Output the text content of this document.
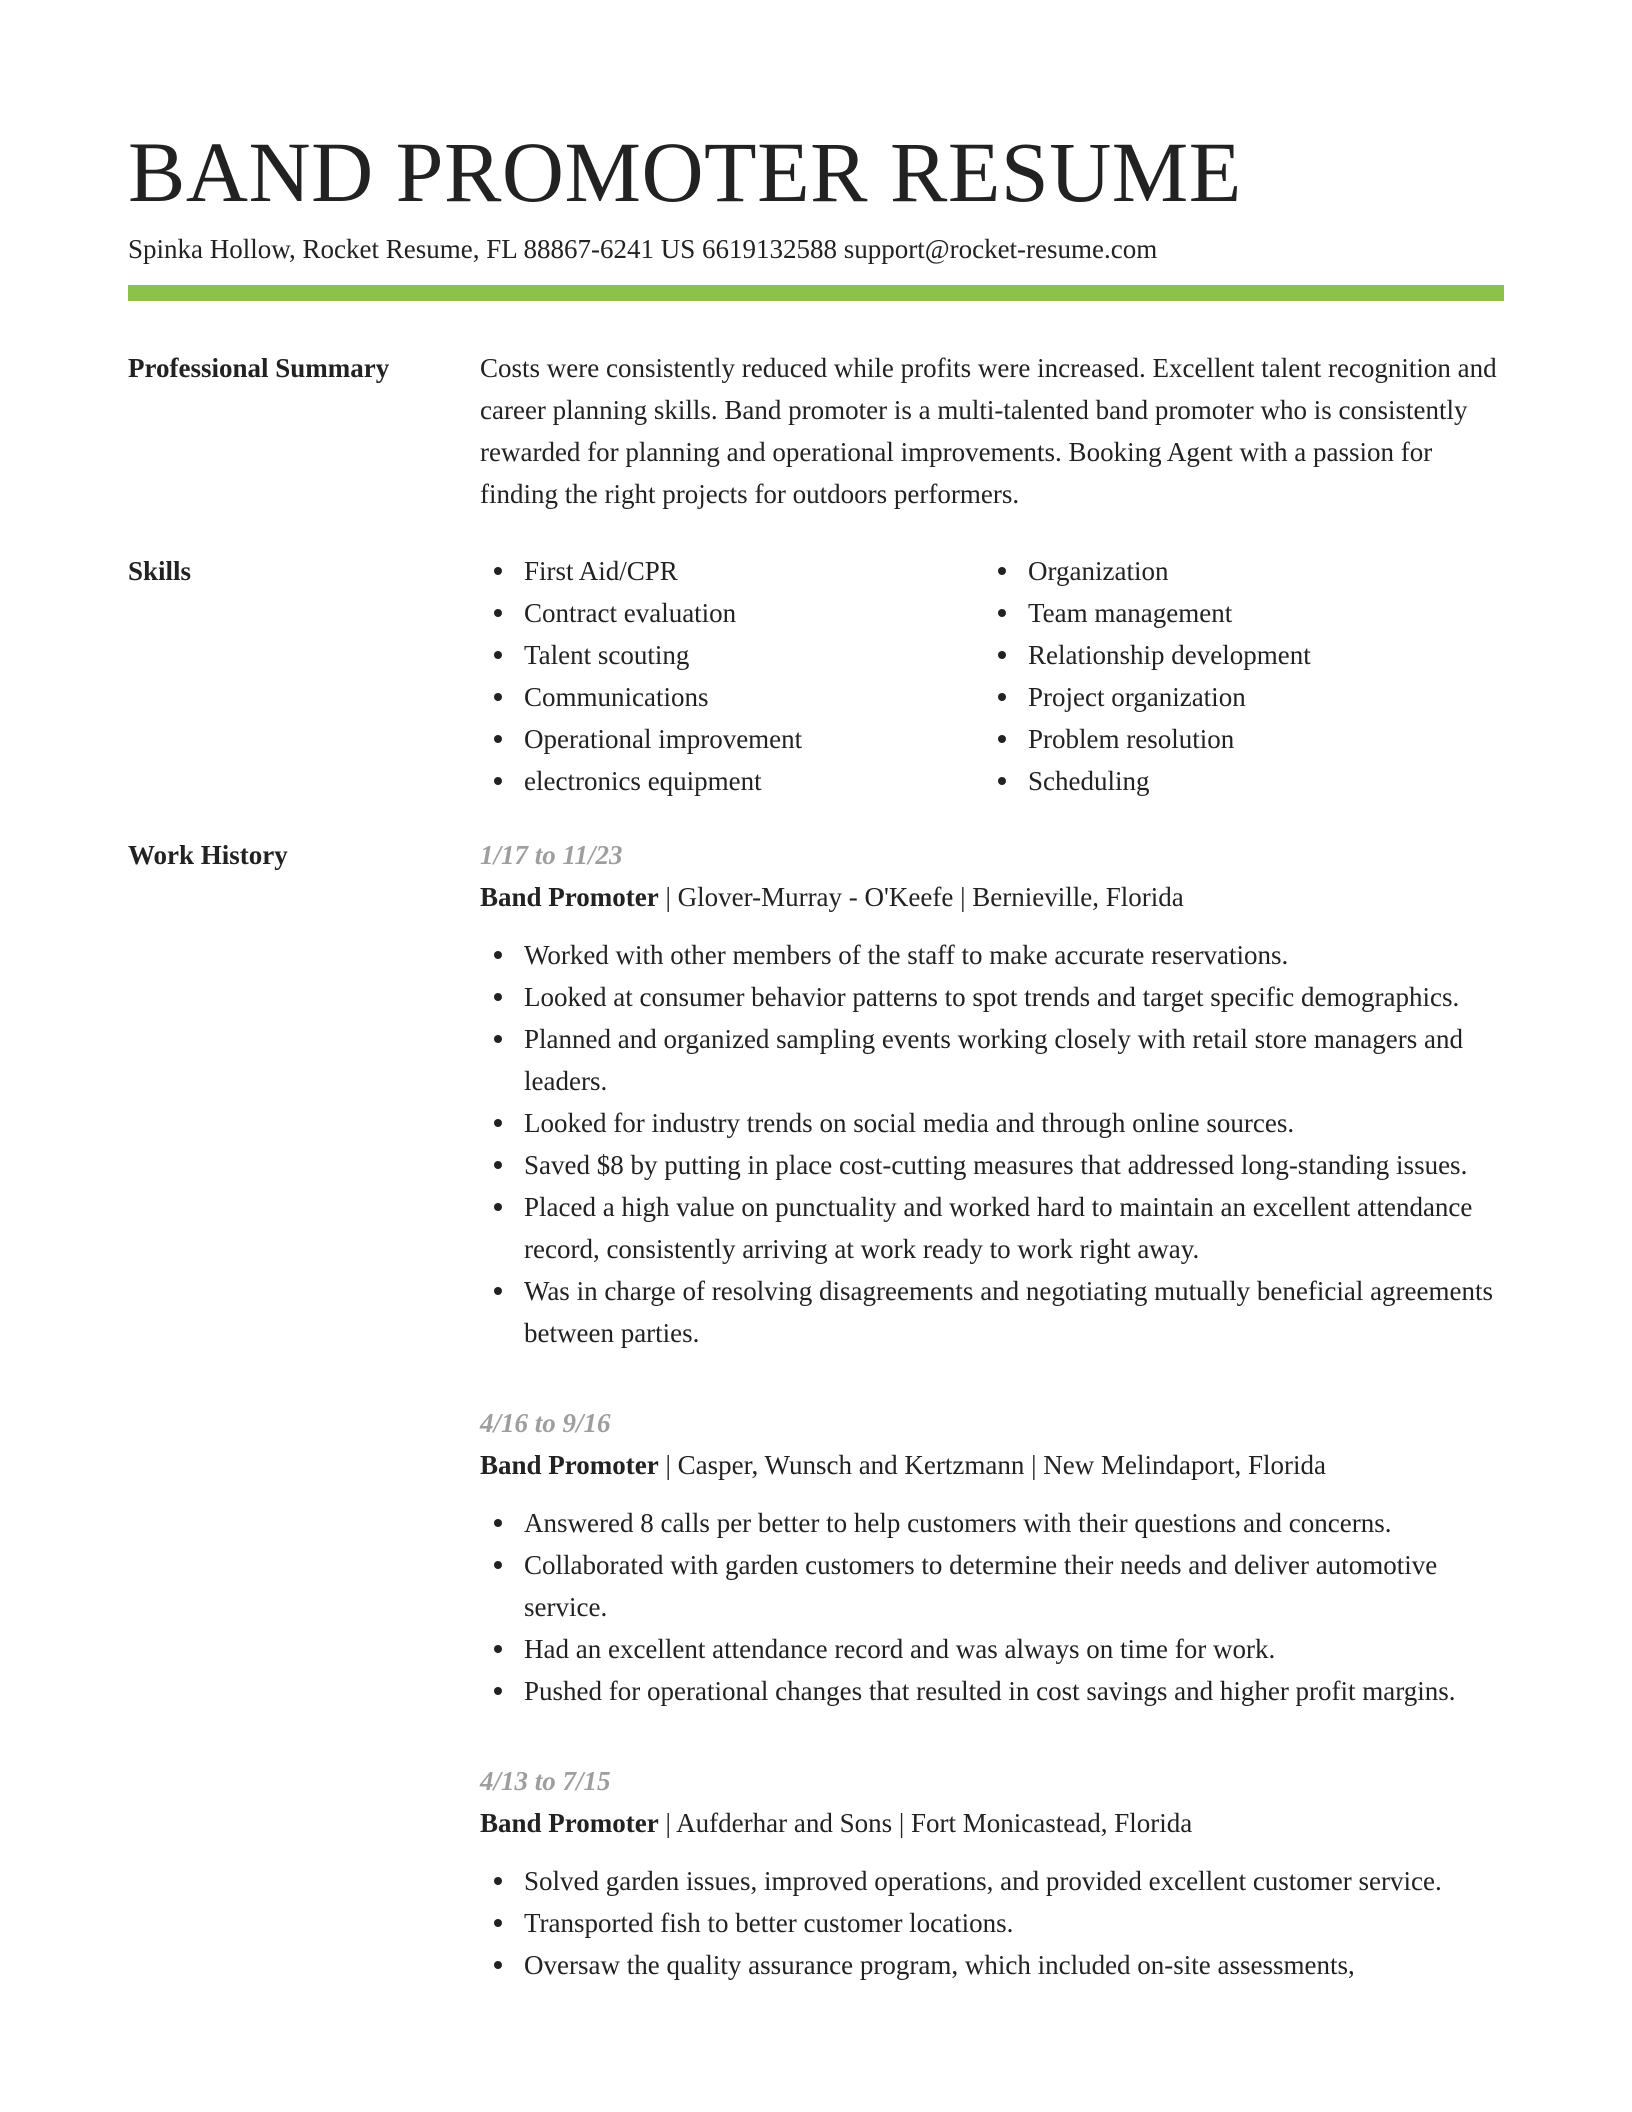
BAND PROMOTER RESUME
Spinka Hollow, Rocket Resume, FL 88867-6241 US 6619132588 support@rocket-resume.com
Professional Summary	Costs were consistently reduced while profits were increased. Excellent talent recognition and career planning skills. Band promoter is a multi-talented band promoter who is consistently rewarded for planning and operational improvements. Booking Agent with a passion for finding the right projects for outdoors performers.

Skills	First Aid/CPR
Contract evaluation
Talent scouting
Communications
Operational improvement
electronics equipment
Organization
Team management
Relationship development
Project organization
Problem resolution
Scheduling
Work History	1/17 to 11/23
Band Promoter | Glover-Murray - O'Keefe | Bernieville, Florida
Worked with other members of the staff to make accurate reservations.
Looked at consumer behavior patterns to spot trends and target specific demographics.
Planned and organized sampling events working closely with retail store managers and leaders.
Looked for industry trends on social media and through online sources.
Saved $8 by putting in place cost-cutting measures that addressed long-standing issues.
Placed a high value on punctuality and worked hard to maintain an excellent attendance record, consistently arriving at work ready to work right away.
Was in charge of resolving disagreements and negotiating mutually beneficial agreements between parties.
4/16 to 9/16
Band Promoter | Casper, Wunsch and Kertzmann | New Melindaport, Florida
Answered 8 calls per better to help customers with their questions and concerns.
Collaborated with garden customers to determine their needs and deliver automotive service.
Had an excellent attendance record and was always on time for work.
Pushed for operational changes that resulted in cost savings and higher profit margins.
4/13 to 7/15
Band Promoter | Aufderhar and Sons | Fort Monicastead, Florida
Solved garden issues, improved operations, and provided excellent customer service.
Transported fish to better customer locations.
Oversaw the quality assurance program, which included on-site assessments,
